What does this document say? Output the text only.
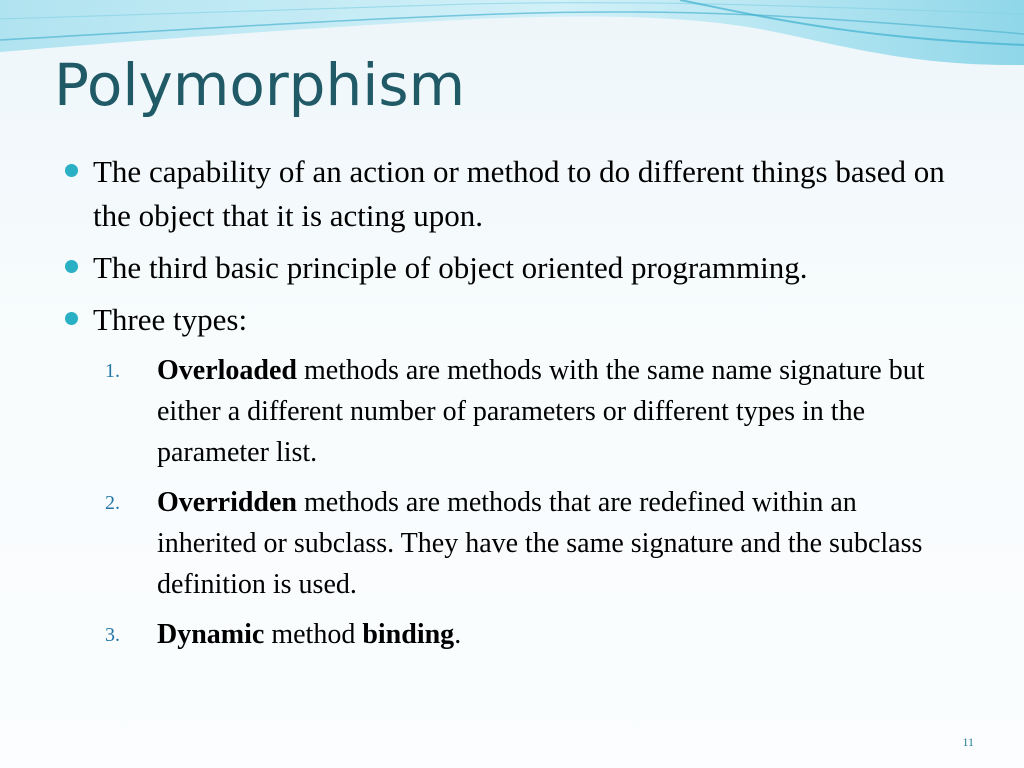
Polymorphism
The capability of an action or method to do different things based on the object that it is acting upon.
The third basic principle of object oriented programming.
Three types:
1. Overloaded methods are methods with the same name signature but either a different number of parameters or different types in the parameter list.
2. Overridden methods are methods that are redefined within an inherited or subclass. They have the same signature and the subclass definition is used.
3. Dynamic method binding.
11
